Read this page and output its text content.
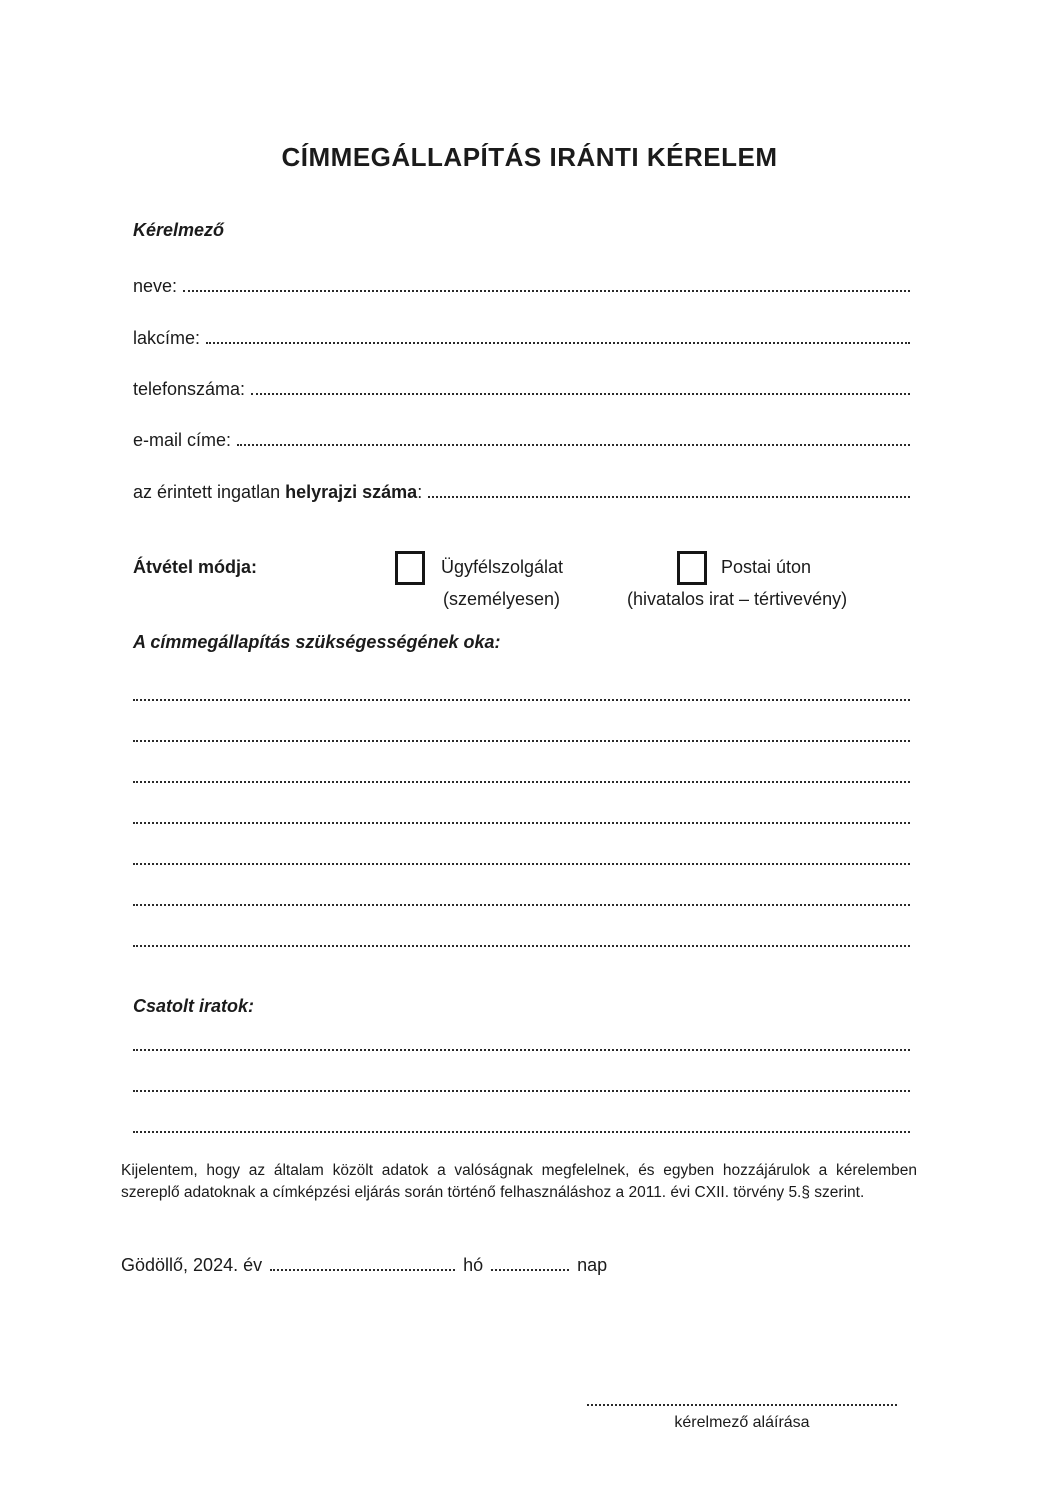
CÍMMEGÁLLAPÍTÁS IRÁNTI KÉRELEM
Kérelmező
neve:
lakcíme:
telefonszáma:
e-mail címe:
az érintett ingatlan helyrajzi száma:
Átvétel módja:	Ügyfélszolgálat
(személyesen)
Postai úton
(hivatalos irat – tértivevény)
A címmegállapítás szükségességének oka:
Csatolt iratok:
Kijelentem, hogy az általam közölt adatok a valóságnak megfelelnek, és egyben hozzájárulok a kérelemben szereplő adatoknak a címképzési eljárás során történő felhasználáshoz a 2011. évi CXII. törvény 5.§ szerint.
Gödöllő, 2024. év	hó	nap
kérelmező aláírása
